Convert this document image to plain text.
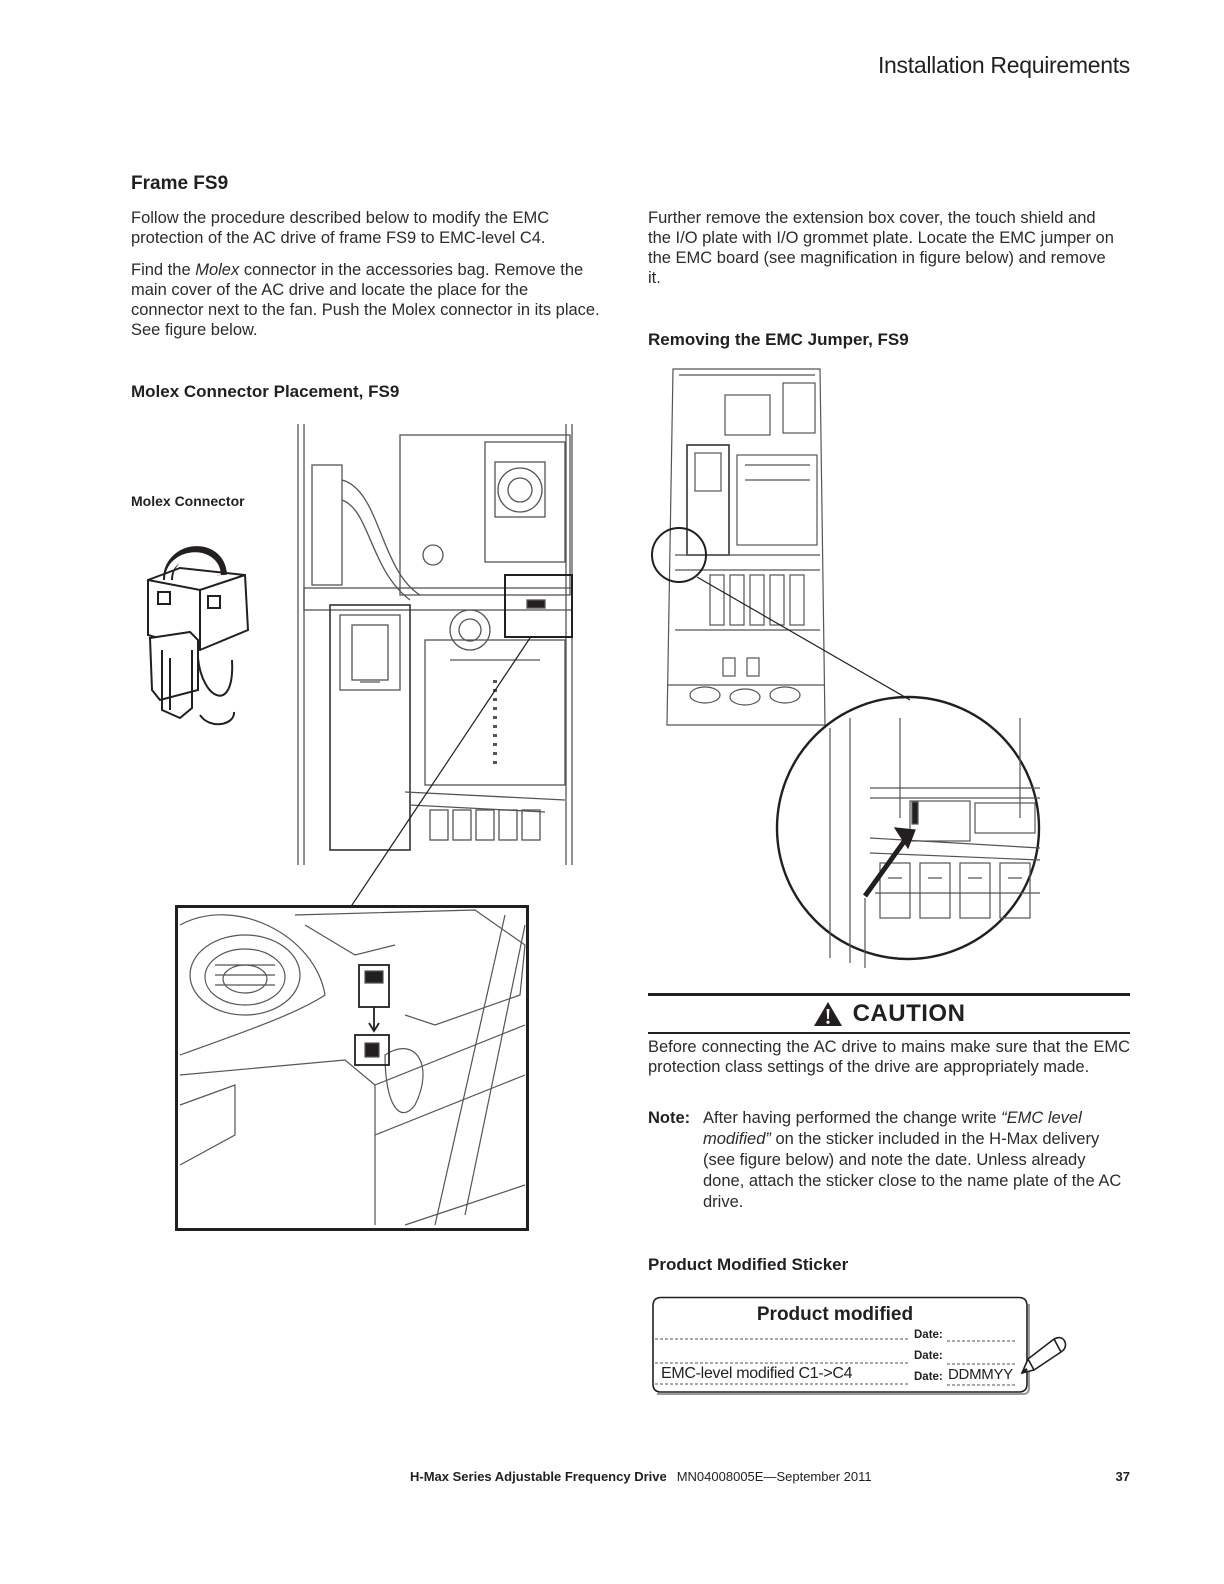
Installation Requirements
Frame FS9

Follow the procedure described below to modify the EMC protection of the AC drive of frame FS9 to EMC-level C4.

Find the Molex connector in the accessories bag. Remove the main cover of the AC drive and locate the place for the connector next to the fan. Push the Molex connector in its place. See figure below.

Molex Connector Placement, FS9
Molex Connector

Further remove the extension box cover, the touch shield and the I/O plate with I/O grommet plate. Locate the EMC jumper on the EMC board (see magnification in figure below) and remove it.

Removing the EMC Jumper, FS9
CAUTION

Before connecting the AC drive to mains make sure that the EMC protection class settings of the drive are appropriately made.

Note: After having performed the change write “EMC level modified” on the sticker included in the H-Max delivery (see figure below) and note the date. Unless already done, attach the sticker close to the name plate of the AC drive.

Product Modified Sticker
Product modified
Date:
Date:
Date:
EMC-level modified C1->C4	DDMMYY
H-Max Series Adjustable Frequency Drive MN04008005E—September 2011	37
